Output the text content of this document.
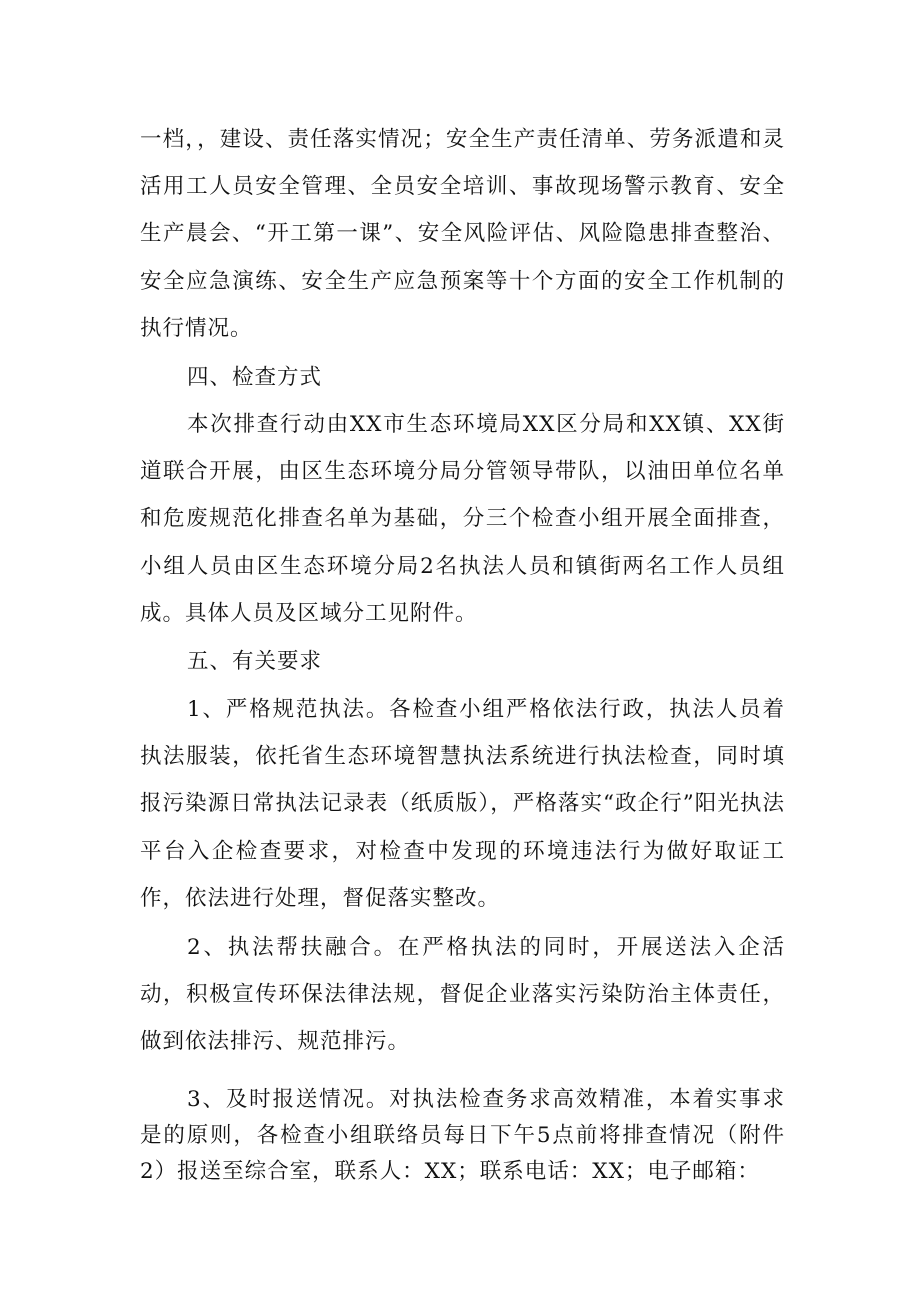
一档，，建设、责任落实情况；安全生产责任清单、劳务派遣和灵活用工人员安全管理、全员安全培训、事故现场警示教育、安全生产晨会、“开工第一课”、安全风险评估、风险隐患排查整治、安全应急演练、安全生产应急预案等十个方面的安全工作机制的执行情况。

四、检查方式

本次排查行动由XX市生态环境局XX区分局和XX镇、XX街道联合开展，由区生态环境分局分管领导带队，以油田单位名单和危废规范化排查名单为基础，分三个检查小组开展全面排查，小组人员由区生态环境分局2名执法人员和镇街两名工作人员组成。具体人员及区域分工见附件。

五、有关要求

1、严格规范执法。各检查小组严格依法行政，执法人员着执法服装，依托省生态环境智慧执法系统进行执法检查，同时填报污染源日常执法记录表（纸质版），严格落实“政企行”阳光执法平台入企检查要求，对检查中发现的环境违法行为做好取证工作，依法进行处理，督促落实整改。

2、执法帮扶融合。在严格执法的同时，开展送法入企活动，积极宣传环保法律法规，督促企业落实污染防治主体责任，做到依法排污、规范排污。

3、及时报送情况。对执法检查务求高效精准，本着实事求是的原则，各检查小组联络员每日下午5点前将排查情况（附件2）报送至综合室，联系人：XX；联系电话：XX；电子邮箱：
